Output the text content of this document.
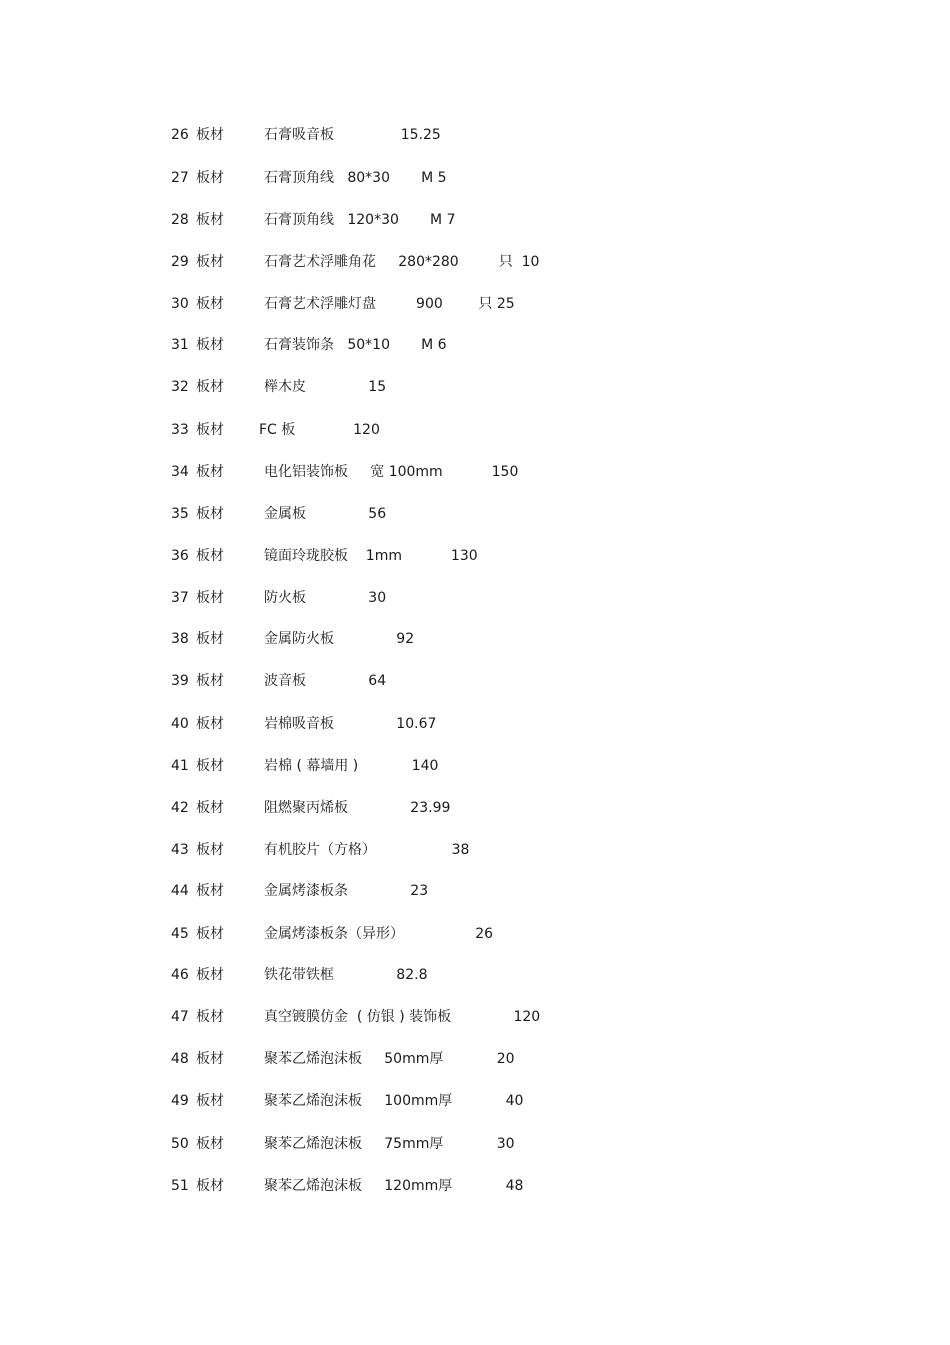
26 板材	石膏吸音板               15.25
27 板材	石膏顶角线   80*30       M 5
28 板材	石膏顶角线   120*30       M 7
29 板材	石膏艺术浮雕角花     280*280         只  10
30 板材	石膏艺术浮雕灯盘         900        只 25
31 板材	石膏装饰条   50*10       M 6
32 板材	榉木皮              15
33 板材	FC 板             120
34 板材	电化铝装饰板     宽 100mm           150
35 板材	金属板              56
36 板材	镜面玲珑胶板    1mm           130
37 板材	防火板              30
38 板材	金属防火板              92
39 板材	波音板              64
40 板材	岩棉吸音板              10.67
41 板材	岩棉 ( 幕墙用 )            140
42 板材	阻燃聚丙烯板              23.99
43 板材	有机胶片（方格）                 38
44 板材	金属烤漆板条              23
45 板材	金属烤漆板条（异形）                26
46 板材	铁花带铁框              82.8
47 板材	真空镀膜仿金  ( 仿银 ) 装饰板              120
48 板材	聚苯乙烯泡沫板     50mm厚            20
49 板材	聚苯乙烯泡沫板     100mm厚            40
50 板材	聚苯乙烯泡沫板     75mm厚            30
51 板材	聚苯乙烯泡沫板     120mm厚            48
